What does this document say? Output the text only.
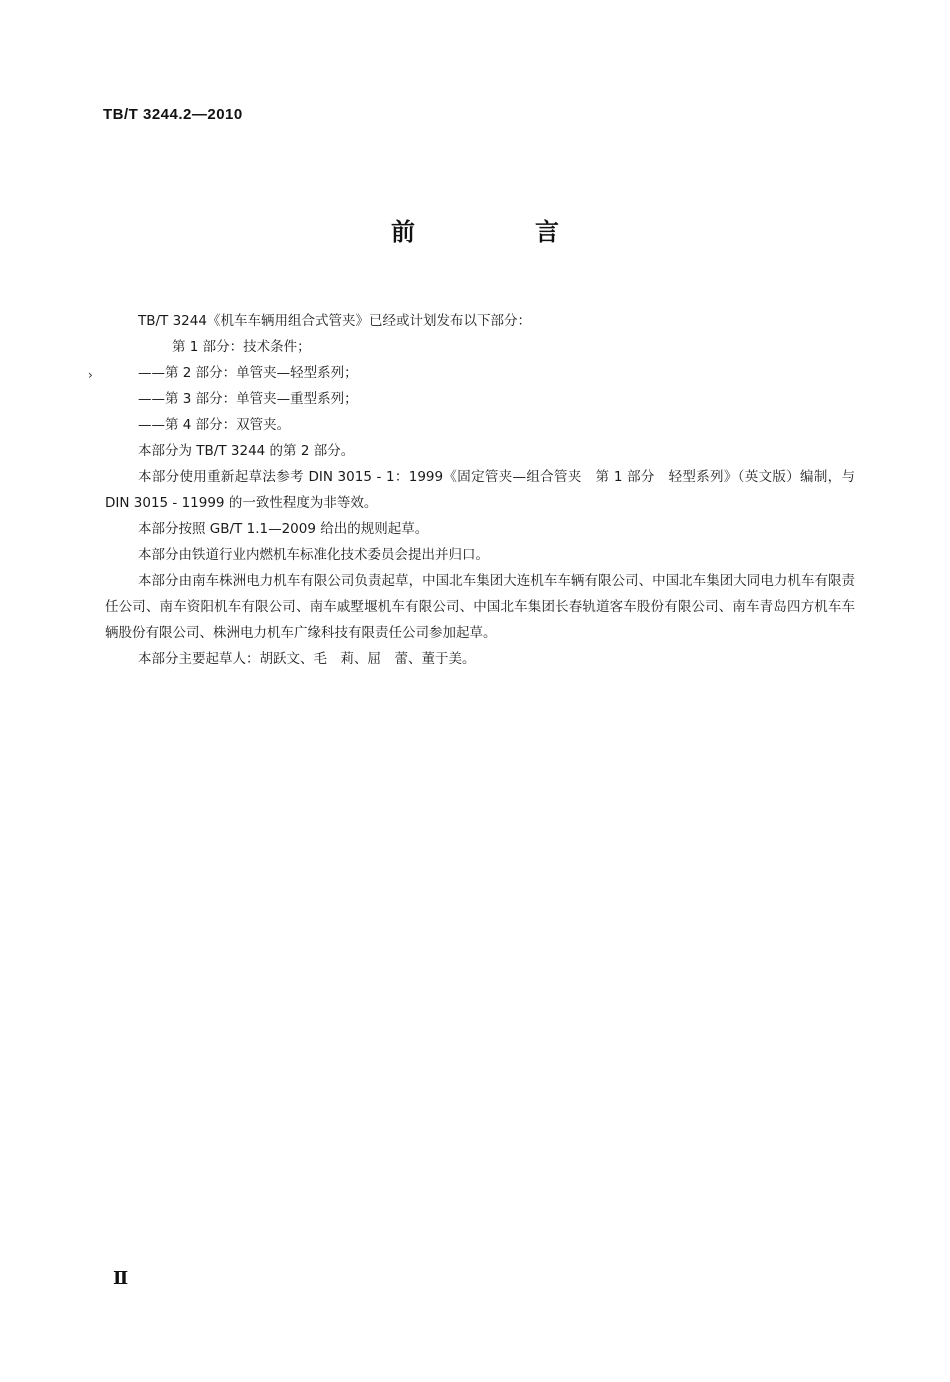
TB/T 3244.2—2010
前　言
›
TB/T 3244《机车车辆用组合式管夹》已经或计划发布以下部分：
第 1 部分：技术条件；
——第 2 部分：单管夹—轻型系列；
——第 3 部分：单管夹—重型系列；
——第 4 部分：双管夹。
本部分为 TB/T 3244 的第 2 部分。
本部分使用重新起草法参考 DIN 3015 - 1：1999《固定管夹—组合管夹　第 1 部分　轻型系列》（英文版）编制，与 DIN 3015 - 11999 的一致性程度为非等效。
本部分按照 GB/T 1.1—2009 给出的规则起草。
本部分由铁道行业内燃机车标准化技术委员会提出并归口。
本部分由南车株洲电力机车有限公司负责起草，中国北车集团大连机车车辆有限公司、中国北车集团大同电力机车有限责任公司、南车资阳机车有限公司、南车戚墅堰机车有限公司、中国北车集团长春轨道客车股份有限公司、南车青岛四方机车车辆股份有限公司、株洲电力机车广缘科技有限责任公司参加起草。
本部分主要起草人：胡跃文、毛　莉、屈　蕾、董于美。
Ⅱ
